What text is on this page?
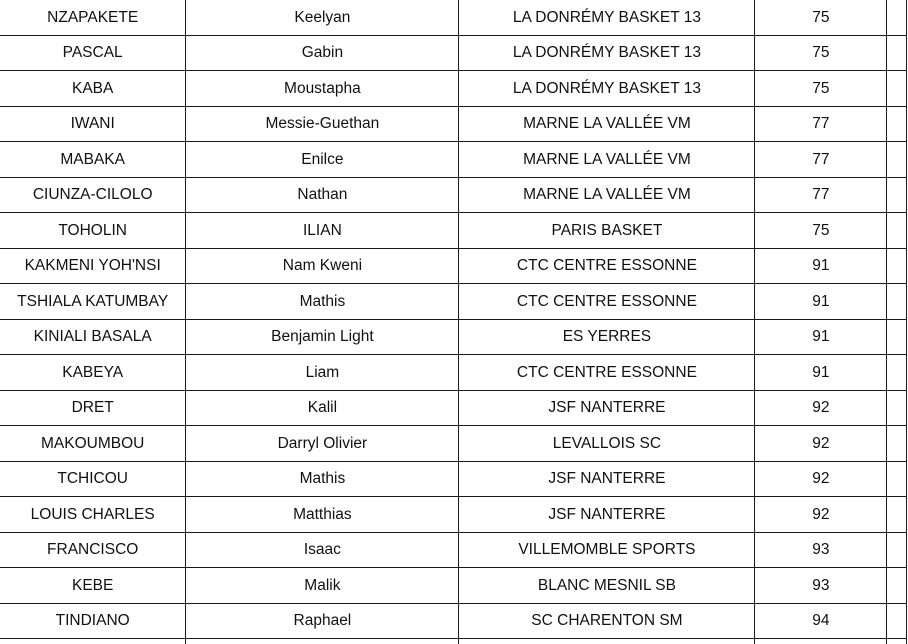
NZAPAKETE	Keelyan	LA DONRÉMY BASKET 13	75	
PASCAL	Gabin	LA DONRÉMY BASKET 13	75	
KABA	Moustapha	LA DONRÉMY BASKET 13	75	
IWANI	Messie-Guethan	MARNE LA VALLÉE VM	77	
MABAKA	Enilce	MARNE LA VALLÉE VM	77	
CIUNZA-CILOLO	Nathan	MARNE LA VALLÉE VM	77	
TOHOLIN	ILIAN	PARIS BASKET	75	
KAKMENI YOH'NSI	Nam Kweni	CTC CENTRE ESSONNE	91	
TSHIALA KATUMBAY	Mathis	CTC CENTRE ESSONNE	91	
KINIALI BASALA	Benjamin Light	ES YERRES	91	
KABEYA	Liam	CTC CENTRE ESSONNE	91	
DRET	Kalil	JSF NANTERRE	92	
MAKOUMBOU	Darryl Olivier	LEVALLOIS SC	92	
TCHICOU	Mathis	JSF NANTERRE	92	
LOUIS CHARLES	Matthias	JSF NANTERRE	92	
FRANCISCO	Isaac	VILLEMOMBLE SPORTS	93	
KEBE	Malik	BLANC MESNIL SB	93	
TINDIANO	Raphael	SC CHARENTON SM	94	
